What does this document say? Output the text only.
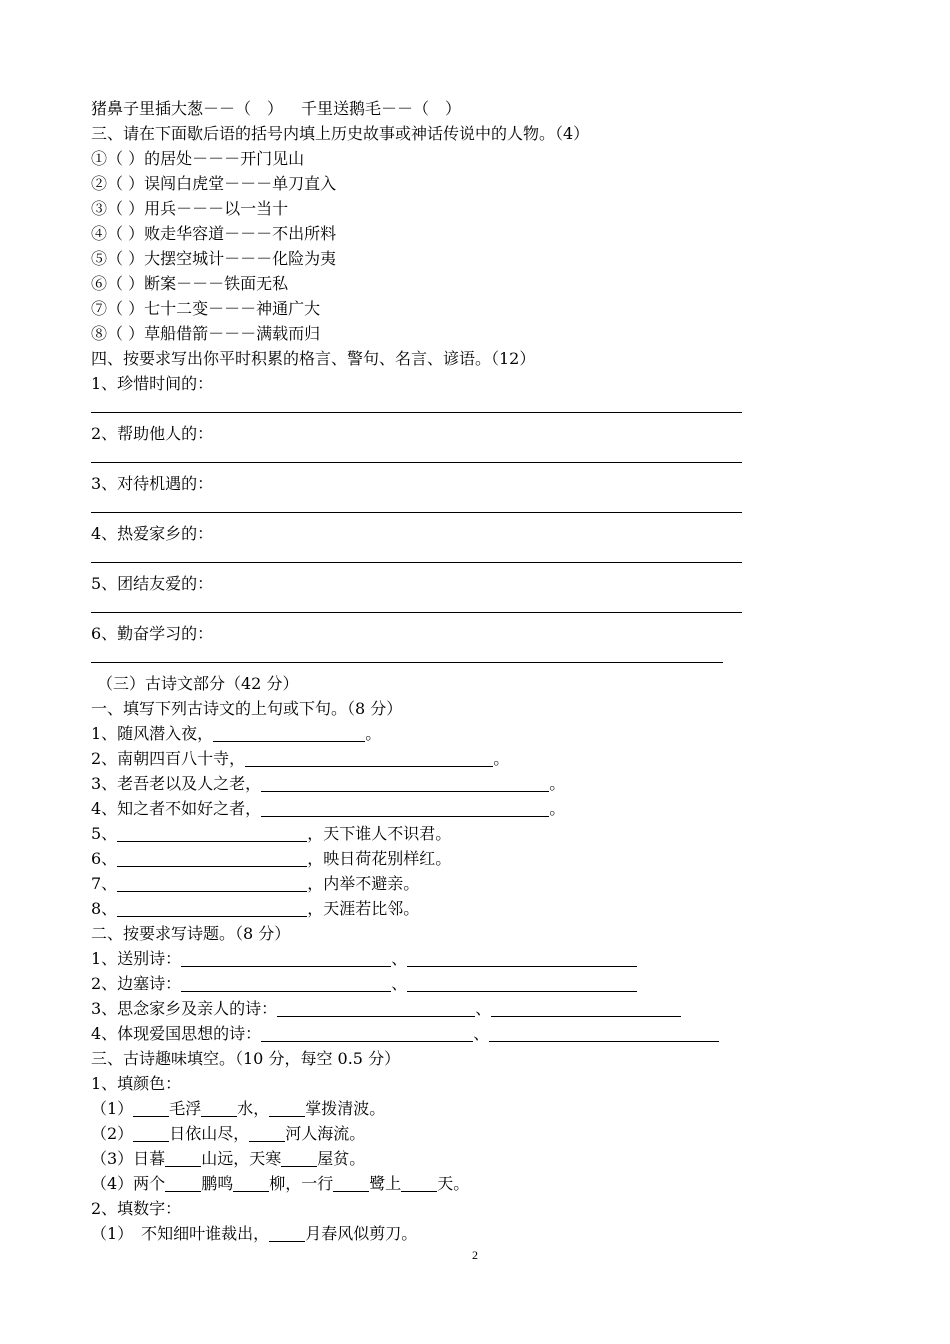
猪鼻子里插大葱－－（　） 千里送鹅毛－－（　）
三、请在下面歇后语的括号内填上历史故事或神话传说中的人物。（4）
①（ ）的居处－－－开门见山
②（ ）误闯白虎堂－－－单刀直入
③（ ）用兵－－－以一当十
④（ ）败走华容道－－－不出所料
⑤（ ）大摆空城计－－－化险为夷
⑥（ ）断案－－－铁面无私
⑦（ ）七十二变－－－神通广大
⑧（ ）草船借箭－－－满载而归
四、按要求写出你平时积累的格言、警句、名言、谚语。（12）
1、珍惜时间的：
2、帮助他人的：
3、对待机遇的：
4、热爱家乡的：
5、团结友爱的：
6、勤奋学习的：
（三）古诗文部分（42 分）
一、填写下列古诗文的上句或下句。（8 分）
1、随风潜入夜，	。
2、南朝四百八十寺，	。
3、老吾老以及人之老，	。
4、知之者不如好之者，	。
5、	，天下谁人不识君。
6、	，映日荷花别样红。
7、	，内举不避亲。
8、	，天涯若比邻。
二、按要求写诗题。（8 分）
1、送别诗：	、
2、边塞诗：	、
3、思念家乡及亲人的诗：	、
4、体现爱国思想的诗：	、
三、古诗趣味填空。（10 分，每空 0.5 分）
1、填颜色：
（1） 毛浮 水， 掌拨清波。
（2） 日依山尽， 河人海流。
（3）日暮 山远，天寒 屋贫。
（4）两个 鹏鸣 柳，一行 鹭上 天。
2、填数字：
（1）　不知细叶谁裁出， 月春风似剪刀。
2
